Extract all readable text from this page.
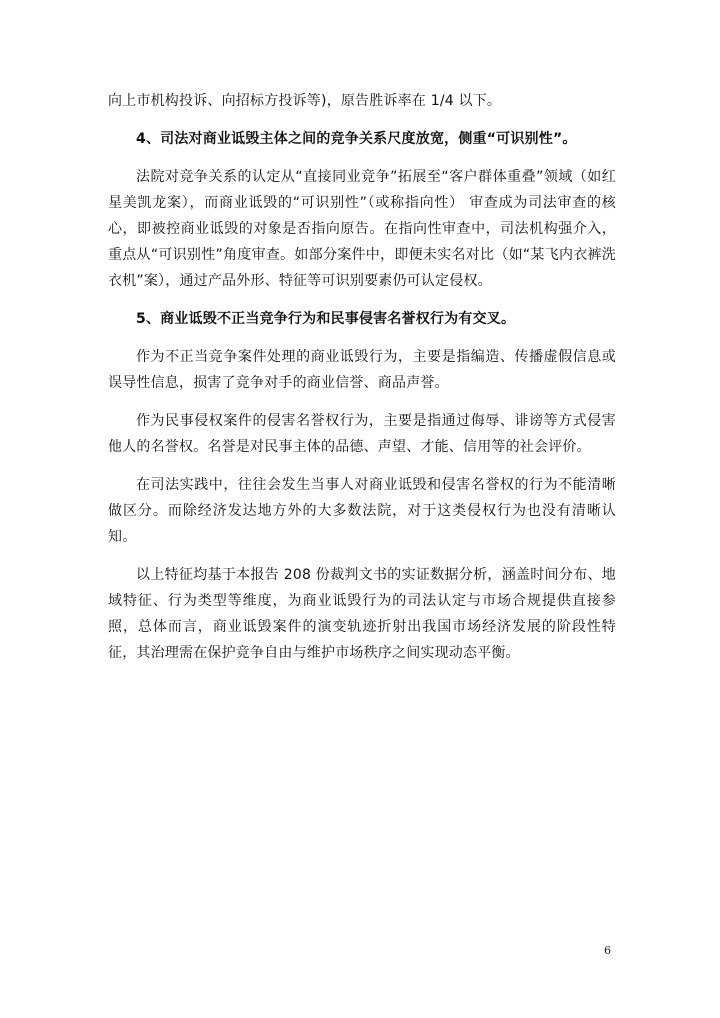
向上市机构投诉、向招标方投诉等)，原告胜诉率在 1/4 以下。

4、司法对商业诋毁主体之间的竞争关系尺度放宽，侧重“可识别性”。

法院对竞争关系的认定从“直接同业竞争”拓展至“客户群体重叠”领域（如红星美凯龙案），而商业诋毁的“可识别性”（或称指向性） 审查成为司法审查的核心，即被控商业诋毁的对象是否指向原告。在指向性审查中，司法机构强介入，重点从“可识别性”角度审查。如部分案件中，即便未实名对比（如“某飞内衣裤洗衣机”案），通过产品外形、特征等可识别要素仍可认定侵权。

5、商业诋毁不正当竞争行为和民事侵害名誉权行为有交叉。

作为不正当竞争案件处理的商业诋毁行为，主要是指编造、传播虚假信息或误导性信息，损害了竞争对手的商业信誉、商品声誉。

作为民事侵权案件的侵害名誉权行为，主要是指通过侮辱、诽谤等方式侵害他人的名誉权。名誉是对民事主体的品德、声望、才能、信用等的社会评价。

在司法实践中，往往会发生当事人对商业诋毁和侵害名誉权的行为不能清晰做区分。而除经济发达地方外的大多数法院，对于这类侵权行为也没有清晰认知。

以上特征均基于本报告 208 份裁判文书的实证数据分析，涵盖时间分布、地域特征、行为类型等维度，为商业诋毁行为的司法认定与市场合规提供直接参照，总体而言，商业诋毁案件的演变轨迹折射出我国市场经济发展的阶段性特征，其治理需在保护竞争自由与维护市场秩序之间实现动态平衡。

6
